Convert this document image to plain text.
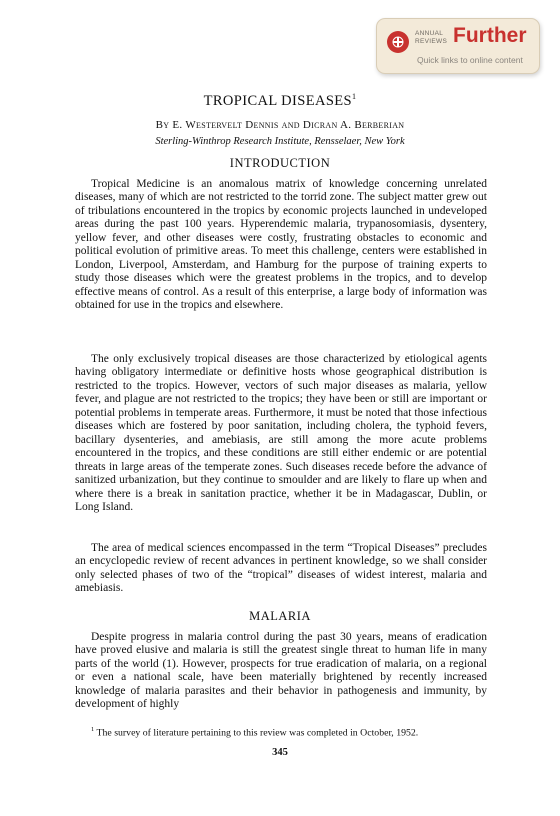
ANNUAL
REVIEWS Further
Quick links to online content
TROPICAL DISEASES$^1$
By E. Westervelt Dennis and Dicran A. Berberian
Sterling-Winthrop Research Institute, Rensselaer, New York
INTRODUCTION

Tropical Medicine is an anomalous matrix of knowledge concerning unrelated diseases, many of which are not restricted to the torrid zone. The subject matter grew out of tribulations encountered in the tropics by economic projects launched in undeveloped areas during the past 100 years. Hyperendemic malaria, trypanosomiasis, dysentery, yellow fever, and other diseases were costly, frustrating obstacles to economic and political evolution of primitive areas. To meet this challenge, centers were established in London, Liverpool, Amsterdam, and Hamburg for the purpose of training experts to study those diseases which were the greatest problems in the tropics, and to develop effective means of control. As a result of this enterprise, a large body of information was obtained for use in the tropics and elsewhere.

The only exclusively tropical diseases are those characterized by etiological agents having obligatory intermediate or definitive hosts whose geographical distribution is restricted to the tropics. However, vectors of such major diseases as malaria, yellow fever, and plague are not restricted to the tropics; they have been or still are important or potential problems in temperate areas. Furthermore, it must be noted that those infectious diseases which are fostered by poor sanitation, including cholera, the typhoid fevers, bacillary dysenteries, and amebiasis, are still among the more acute problems encountered in the tropics, and these conditions are still either endemic or are potential threats in large areas of the temperate zones. Such diseases recede before the advance of sanitized urbanization, but they continue to smoulder and are likely to flare up when and where there is a break in sanitation practice, whether it be in Madagascar, Dublin, or Long Island.

The area of medical sciences encompassed in the term “Tropical Diseases” precludes an encyclopedic review of recent advances in pertinent knowledge, so we shall consider only selected phases of two of the “tropical” diseases of widest interest, malaria and amebiasis.

MALARIA

Despite progress in malaria control during the past 30 years, means of eradication have proved elusive and malaria is still the greatest single threat to human life in many parts of the world (1). However, prospects for true eradication of malaria, on a regional or even a national scale, have been materially brightened by recently increased knowledge of malaria parasites and their behavior in pathogenesis and immunity, by development of highly

$^1$ The survey of literature pertaining to this review was completed in October, 1952.

345
